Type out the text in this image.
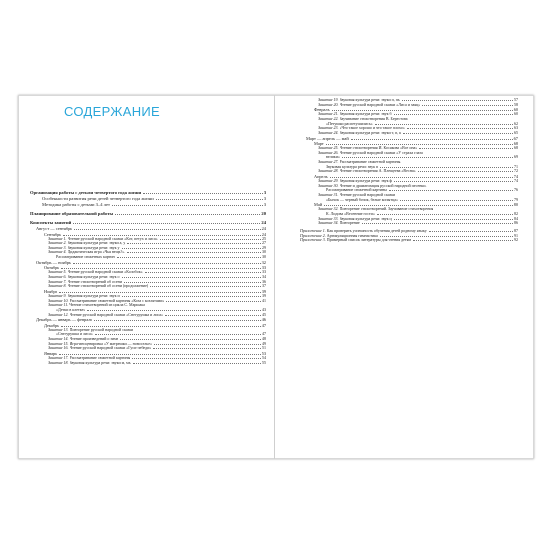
СОДЕРЖАНИЕ
Организация работы с детьми четвертого года жизни	3
Особенности развития речи детей четвертого года жизни	3
Методика работы с детьми 3–4 лет	3
Планирование образовательной работы	20
Конспекты занятий	24
Август — сентябрь	24
Сентябрь	24
Занятие 1.
Чтение русской народной сказки «Кот, петух и лиса»	25
Занятие 2.
Звуковая культура речи: звуки а, у	27
Занятие 3.
Звуковая культура речи: звук у	29
Занятие 4.
Дидактическая игра «Чья вещь?».	30
Рассматривание сюжетных картин	30
Октябрь — ноябрь	32
Октябрь	33
Занятие 5.
Чтение русской народной сказки «Колобок»	33
Занятие 6.
Звуковая культура речи: звук о	34
Занятие 7.
Чтение стихотворений об осени	36
Занятие 8.
Чтение стихотворений об осени (продолжение)	37
Ноябрь	39
Занятие 9.
Звуковая культура речи: звук и	39
Занятие 10.
Рассматривание сюжетной картины «Коза с козлятами»	41
Занятие 11.
Чтение стихотворений из цикла С. Маршака
«Детки в клетке»	43
Занятие 12.
Чтение русской народной сказки «Снегурушка и лиса»	45
Декабрь — январь — февраль	46
Декабрь	47
Занятие 13.
Повторение русской народной сказки
«Снегурушка и лиса»	47
Занятие 14.
Чтение произведений о зиме	48
Занятие 15.
Игра-инсценировка «У матрешки — новоселье»	49
Занятие 16.
Чтение русской народной сказки «Гуси-лебеди»	51
Январь	53
Занятие 17.
Рассматривание сюжетной картины	54
Занятие 18.
Звуковая культура речи: звуки м, мь	55
Занятие 19.
Звуковая культура речи: звуки п, пь	57
Занятие 20.
Чтение русской народной сказки «Лиса и заяц»	58
Февраль	60
Занятие 21.
Звуковая культура речи: звук б	60
Занятие 22.
Заучивание стихотворения В. Берестова
«Петушки распетушились»	62
Занятие 23.
«Что такое хорошо и что такое плохо»	63
Занятие 24.
Звуковая культура речи: звуки т, п, к	65
Март — апрель — май	67
Март	68
Занятие 25.
Чтение стихотворения И. Косякова «Все она»	68
Занятие 26.
Чтение русской народной сказки «У страха глаза
велики»	69
Занятие 27.
Рассматривание сюжетной картины.
Звуковая культура речи: звук п	71
Занятие 28.
Чтение стихотворения А. Плещеева «Весна»	72
Апрель	74
Занятие 29.
Звуковая культура речи: звук ф	74
Занятие 30.
Чтение и драматизация русской народной песенки.
Рассматривание сюжетной картины	76
Занятие 31.
Чтение русской народной сказки
«Бычок — черный бочок, белые копытца»	79
Май	80
Занятие 32.
Повторение стихотворений. Заучивание стихотворения
К. Лидова «Весенние гости»	82
Занятие 33.
Звуковая культура речи: звук ц	84
Занятие 34.
Повторение	86
Приложение 1.
Как проверить успешность обучения детей родному языку	87
Приложение 2.
Артикуляционная гимнастика	91
Приложение 3.
Примерный список литературы для чтения детям	92
